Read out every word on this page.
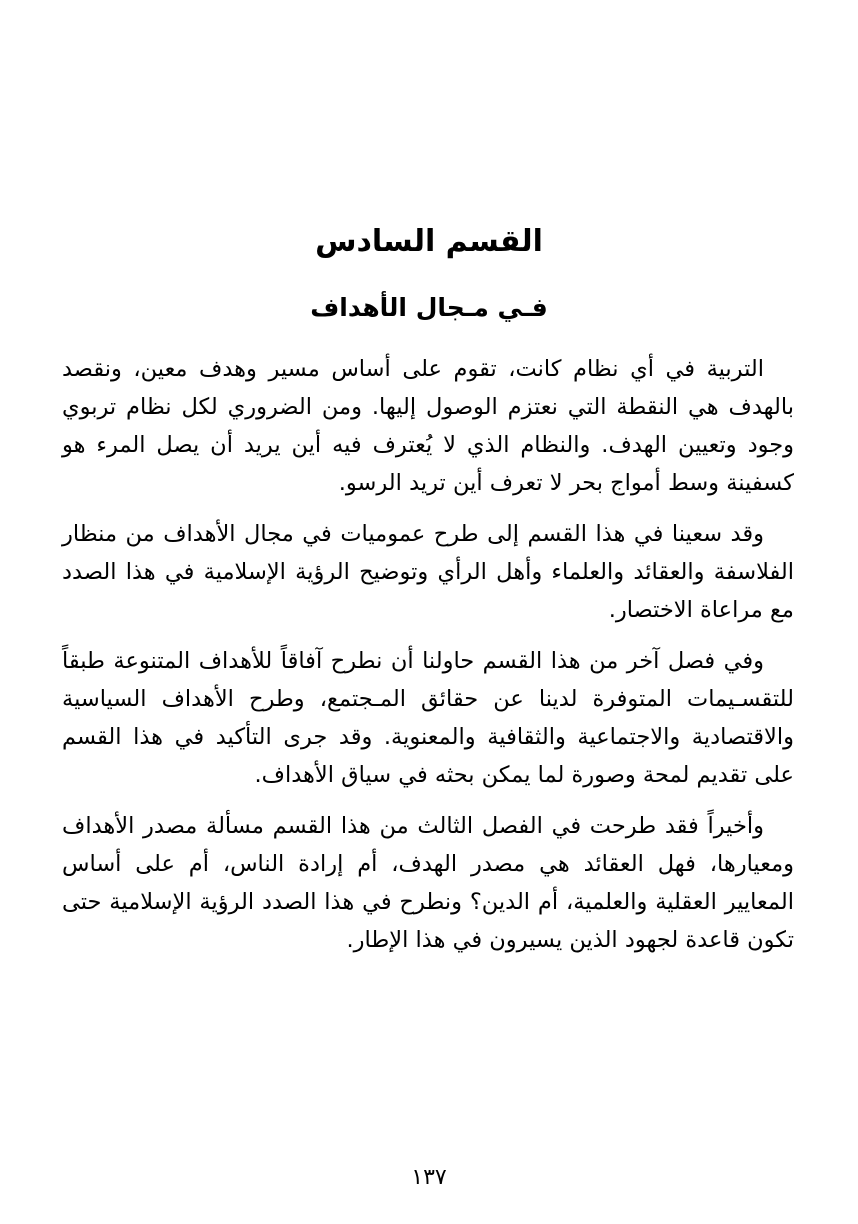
القسم السادس
فـي مـجال الأهداف

التربية في أي نظام كانت، تقوم على أساس مسير وهدف معين، ونقصد بالهدف هي النقطة التي نعتزم الوصول إليها. ومن الضروري لكل نظام تربوي وجود وتعيين الهدف. والنظام الذي لا يُعترف فيه أين يريد أن يصل المرء هو كسفينة وسط أمواج بحر لا تعرف أين تريد الرسو.

وقد سعينا في هذا القسم إلى طرح عموميات في مجال الأهداف من منظار الفلاسفة والعقائد والعلماء وأهل الرأي وتوضيح الرؤية الإسلامية في هذا الصدد مع مراعاة الاختصار.

وفي فصل آخر من هذا القسم حاولنا أن نطرح آفاقاً للأهداف المتنوعة طبقاً للتقسـيمات المتوفرة لدينا عن حقائق المـجتمع، وطرح الأهداف السياسية والاقتصادية والاجتماعية والثقافية والمعنوية. وقد جرى التأكيد في هذا القسم على تقديم لمحة وصورة لما يمكن بحثه في سياق الأهداف.

وأخيراً فقد طرحت في الفصل الثالث من هذا القسم مسألة مصدر الأهداف ومعيارها، فهل العقائد هي مصدر الهدف، أم إرادة الناس، أم على أساس المعايير العقلية والعلمية، أم الدين؟ ونطرح في هذا الصدد الرؤية الإسلامية حتى تكون قاعدة لجهود الذين يسيرون في هذا الإطار.

١٣٧
